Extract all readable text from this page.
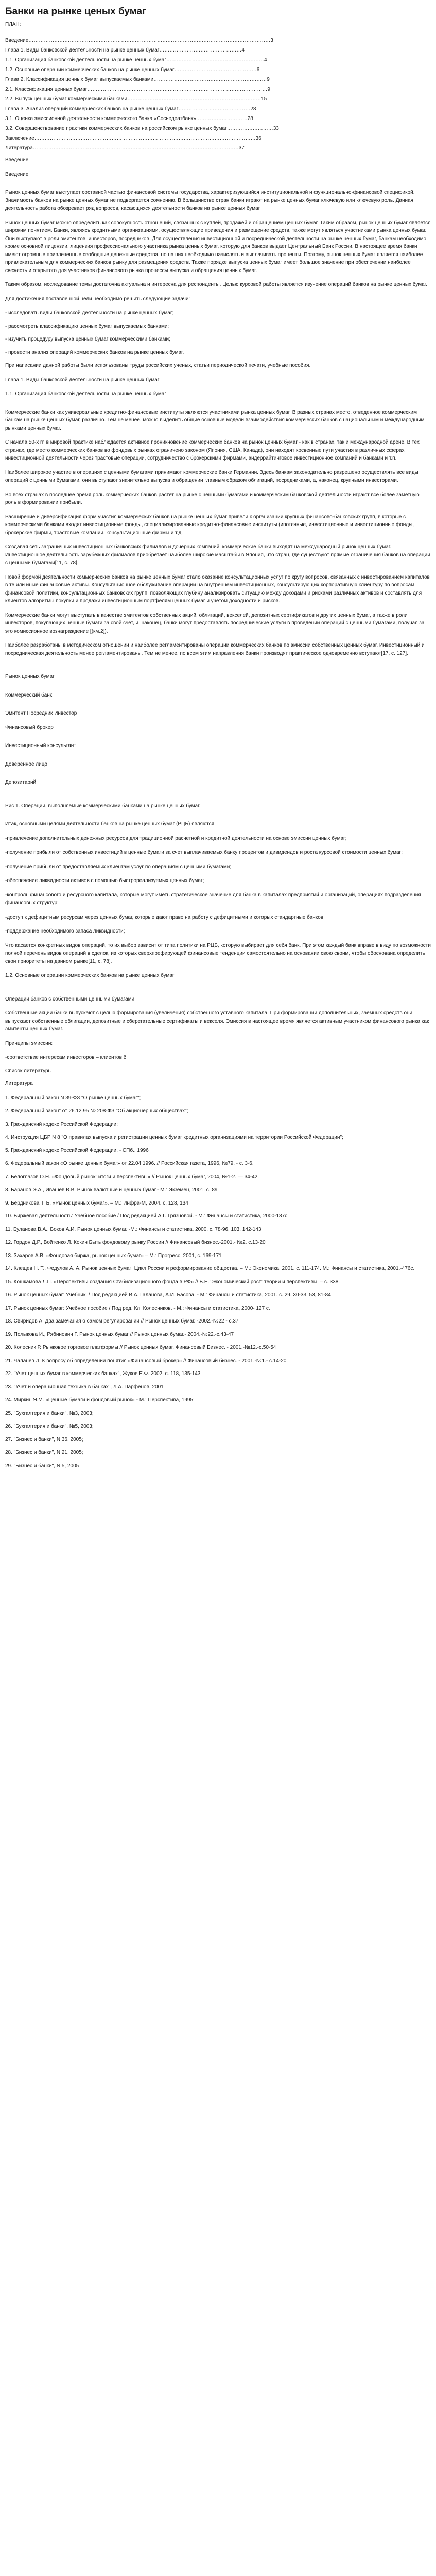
Банки на рынке ценых бумаг

ПЛАН:

Введение …………………………………………………………………………………………………………………………… 3
Глава 1. Виды банковской деятельности на рынке ценных бумаг ………………………………………… 4
1.1. Организация банковской деятельности на рынке ценных бумаг ………………………………………………… 4
1.2. Основные операции коммерческих банков на рынке ценных бумаг ………………………………………… 6
Глава 2. Классификация ценных бумаг выпускаемых банками ………………………………………………………… 9
2.1. Классификация ценных бумаг …………………………………………………………………………………………… 9
2.2. Выпуск ценных бумаг коммерческими банками …………………………………………………………………… 15
Глава 3. Анализ операций коммерческих банков на рынке ценных бумаг …………………………………… 28
3.1. Оценка эмиссионной деятельности коммерческого банка «Сосьедеатбанк» ………………………… 28
3.2. Совершенствование практики коммерческих банков на российском рынке ценных бумаг ……………………… 33
Заключение ………………………………………………………………………………………………………………… 36
Литература ………………………………………………………………………………………………………… 37

Введение

Введение

Рынок ценных бумаг выступает составной частью финансовой системы государства, характеризующийся институциональной и функционально-финансовой спецификой. Значимость банков на рынке ценных бумаг не подвергается сомнению. В большинстве стран банки играют на рынке ценных бумаг ключевую или ключевую роль. Данная деятельность работа обозревает ряд вопросов, касающихся деятельности банков на рынке ценных бумаг.

Рынок ценных бумаг можно определить как совокупность отношений, связанных с куплей, продажей и обращением ценных бумаг. Таким образом, рынок ценных бумаг является широким понятием. Банки, являясь кредитными организациями, осуществляющие приведения и размещение средств, также могут являться участниками рынка ценных бумаг. Они выступают в роли эмитентов, инвесторов, посредников. Для осуществления инвестиционной и посреднической деятельности на рынке ценных бумаг, банкам необходимо кроме основной лицензии, лицензия профессионального участника рынка ценных бумаг, которую для банков выдает Центральный Банк России. В настоящее время банки имеют огромные привлеченные свободные денежные средства, но на них необходимо начислять и выплачивать проценты. Поэтому, рынок ценных бумаг является наиболее привлекательным для коммерческих банков рынку для размещения средств. Также порядке выпуска ценных бумаг имеет большое значение при обеспечении наиболее свежесть и открытого для участников финансового рынка процессы выпуска и обращения ценных бумаг.

Таким образом, исследование темы достаточна актуальна и интересна для респонденты. Целью курсовой работы является изучение операций банков на рынке ценных бумаг.

Для достижения поставленной цели необходимо решить следующие задачи:

- исследовать виды банковской деятельности на рынке ценных бумаг;

- рассмотреть классификацию ценных бумаг выпускаемых банками;

- изучить процедуру выпуска ценных бумаг коммерческими банками;

- провести анализ операций коммерческих банков на рынке ценных бумаг.

При написании данной работы были использованы труды российских ученых, статьи периодической печати, учебные пособия.

Глава 1. Виды банковской деятельности на рынке ценных бумаг

1.1. Организация банковской деятельности на рынке ценных бумаг

Коммерческие банки как универсальные кредитно-финансовые институты являются участниками рынка ценных бумаг. В разных странах место, отведенное коммерческим банкам на рынке ценных бумаг, различно. Тем не менее, можно выделить общие основные модели взаимодействия коммерческих банков с национальным и международным рынками ценных бумаг.

С начала 50-х гг. в мировой практике наблюдается активное проникновение коммерческих банков на рынок ценных бумаг - как в странах, так и международной арене. В тех странах, где место коммерческих банков во фондовых рынках ограничено законом (Япония, США, Канада), они находят косвенные пути участия в различных сферах инвестиционной деятельности через трастовые операции, сотрудничество с брокерскими фирмами, андеррайтинговое инвестиционное компаний и банками и т.п.

Наиболее широкое участие в операциях с ценными бумагами принимают коммерческие банки Германии. Здесь банкам законодательно разрешено осуществлять все виды операций с ценными бумагами, они выступают значительно выпуска и обращении главным образом облигаций, посредниками, а, наконец, крупными инвесторами.

Во всех странах в последнее время роль коммерческих банков растет на рынке с ценными бумагами и коммерческим банковской деятельности играют все более заметную роль в формировании прибыли.

Расширение и диверсификация форм участия коммерческих банков на рынке ценных бумаг привели к организации крупных финансово-банковских групп, в которые с коммерческими банками входят инвестиционные фонды, специализированные кредитно-финансовые институты (ипотечные, инвестиционные и инвестиционные фонды, брокерские фирмы, трастовые компании, консультационные фирмы и т.д.

Создавая сеть заграничных инвестиционных банковских филиалов и дочерних компаний, коммерческие банки выходят на международный рынок ценных бумаг. Инвестиционное деятельность зарубежных филиалов приобретает наиболее широкие масштабы в Япония, что стран, где существуют прямые ограничения банков на операции с ценными бумагами[11, с. 78].

Новой формой деятельности коммерческих банков на рынке ценных бумаг стало оказание консультационных услуг по кругу вопросов, связанных с инвестированием капиталов в те или иные финансовые активы. Консультационное обслуживание операции на внутреннем инвестиционных, консультирующих корпоративную клиентуру по вопросам финансовой политики, консультационных банковских групп, позволяющих глубину анализировать ситуацию между доходами и рисками различных активов и составлять для клиентов алгоритмы покупки и продажи инвестиционным портфелям ценных бумаг и учетом доходности и рисков.

Коммерческие банки могут выступать в качестве эмитентов собственных акций, облигаций, векселей, депозитных сертификатов и других ценных бумаг, а также в роли инвесторов, покупающих ценные бумаги за свой счет, и, наконец, банки могут предоставлять посреднические услуги в проведении операций с ценными бумагами, получая за это комиссионное вознаграждение [(км.2]).

Наиболее разработаны в методическом отношении и наиболее регламентированы операции коммерческих банков по эмиссии собственных ценных бумаг. Инвестиционный и посредническая деятельность менее регламентированы. Тем не менее, по всем этим направления банки производят практическое одновременно вступают[17, с. 127].

Рынок ценных бумаг

Коммерческий банк

Эмитент Посредник Инвестор

Финансовый брокер

Инвестиционный консультант

Доверенное лицо

Депозитарий

Рис 1. Операции, выполняемые коммерческими банками на рынке ценных бумаг.

Итак, основными целями деятельности банков на рынке ценных бумаг (РЦБ) являются:

-привлечение дополнительных денежных ресурсов для традиционной расчетной и кредитной деятельности на основе эмиссии ценных бумаг;

-получение прибыли от собственных инвестиций в ценные бумаги за счет выплачиваемых банку процентов и дивидендов и роста курсовой стоимости ценных бумаг;

-получение прибыли от предоставляемых клиентам услуг по операциям с ценными бумагами;

-обеспечение ликвидности активов с помощью быстрореализуемых ценных бумаг;

-контроль финансового и ресурсного капитала, которые могут иметь стратегическое значение для банка в капиталах предприятий и организаций, операциях подразделения финансовых структур;

-доступ к дефицитным ресурсам через ценных бумаг, которые дают право на работу с дефицитными и которых стандартные банков,

-поддержание необходимого запаса ликвидности;

Что касается конкретных видов операций, то их выбор зависит от типа политики на РЦБ, которую выбирает для себя банк. При этом каждый банк вправе в виду по возможности полной перечень видов операций в сделок, из которых сверхпрефирующей финансовые тенденции самостоятельно на основании свою своим, чтобы обоснована определить свои приоритеты на данном рынке[11, с. 78].

1.2. Основные операции коммерческих банков на рынке ценных бумаг

Операции банков с собственными ценными бумагами

Собственные акции банки выпускают с целью формирования (увеличения) собственного уставного капитала. При формировании дополнительных, заемных средств они выпускают собственные облигации, депозитные и сберегательные сертификаты и векселя. Эмиссия в настоящее время является активным участником финансового рынка как эмитенты ценных бумаг.

Принципы эмиссии:

-соответствие интересам инвесторов – клиентов б

Список литературы

Литература

1. Федеральный закон N 39-ФЗ "О рынке ценных бумаг";

2. Федеральный закон" от 26.12.95 № 208-ФЗ "Об акционерных обществах";

3. Гражданский кодекс Российской Федерации;

4. Инструкция ЦБР N 8 "О правилах выпуска и регистрации ценных бумаг кредитных организациями на территории Российской Федерации";

5. Гражданский кодекс Российской Федерации. - СПб., 1996

6. Федеральный закон «О рынке ценных бумаг» от 22.04.1996. // Российская газета, 1996, №79. - с. 3-6.

7. Белоглазов О.Н. «Фондовый рынок: итоги и перспективы» // Рынок ценных бумаг, 2004, №1-2. — 34-42.

8. Баранов Э.А., Ивашев В.В. Рынок валютные и ценных бумаг.- М.: Экземен, 2001. с. 89

9. Бердникова Т. Б. «Рынок ценных бумаг». – М.: Инфра-М, 2004. с. 128, 134

10. Биржевая деятельность: Учебное пособие / Под редакцией А.Г. Грязновой. - М.: Финансы и статистика, 2000-187с.

11. Буланова В.А., Боков А.И. Рынок ценных бумаг. -М.: Финансы и статистика, 2000. с. 78-96, 103, 142-143

12. Гордон Д.Р., Войтенко Л. Кокин Быть фондовому рынку России // Финансовый бизнес.-2001.- №2. с.13-20

13. Захаров А.В. «Фондовая биржа, рынок ценных бумаг» – М.: Прогресс. 2001, с. 169-171

14. Клещев Н. Т., Федулов А. А. Рынок ценных бумаг: Цикл России и реформирование общества. – М.: Экономика. 2001. с. 111-174. М.: Финансы и статистика, 2001.-476с.

15. Кошкамова Л.П. «Перспективы создания Стабилизационного фонда в РФ» // Б.Е.: Экономический рост: теории и перспективы. – с. 338.

16. Рынок ценных бумаг: Учебник. / Под редакцией В.А. Галанова, А.И. Басова. - М.: Финансы и статистика, 2001. с. 29, 30-33, 53, 81-84

17. Рынок ценных бумаг: Учебное пособие / Под ред. Кл. Колесников. - М.: Финансы и статистика, 2000- 127 с.

18. Свиридов А. Два замечания о самом регулировании // Рынок ценных бумаг. -2002.-№22 - с.37

19. Полыкова И., Рябинович Г. Рынок ценных бумаг // Рынок ценных бумаг.- 2004.-№22.-с.43-47

20. Колесник Р. Рынковое торговое платформы // Рынок ценных бумаг. Финансовый Бизнес. - 2001.-№12.-с.50-54

21. Чаланев Л. К вопросу об определении понятия «Финансовый брокер» // Финансовый бизнес. - 2001.-№1.- с.14-20

22. "Учет ценных бумаг в коммерческих банках", Жуков Е.Ф. 2002, с. 118, 135-143

23. "Учет и операционная техника в банках", Л.А. Парфенов, 2001

24. Миркин Я.М. «Ценные бумаги и фондовый рынок» - М.: Перспектива, 1995;

25. "Бухгалтерия и банки", №3, 2003;

26. "Бухгалтерия и банки", №5, 2003;

27. "Бизнес и банки", N 36, 2005;

28. "Бизнес и банки", N 21, 2005;

29. "Бизнес и банки", N 5, 2005
